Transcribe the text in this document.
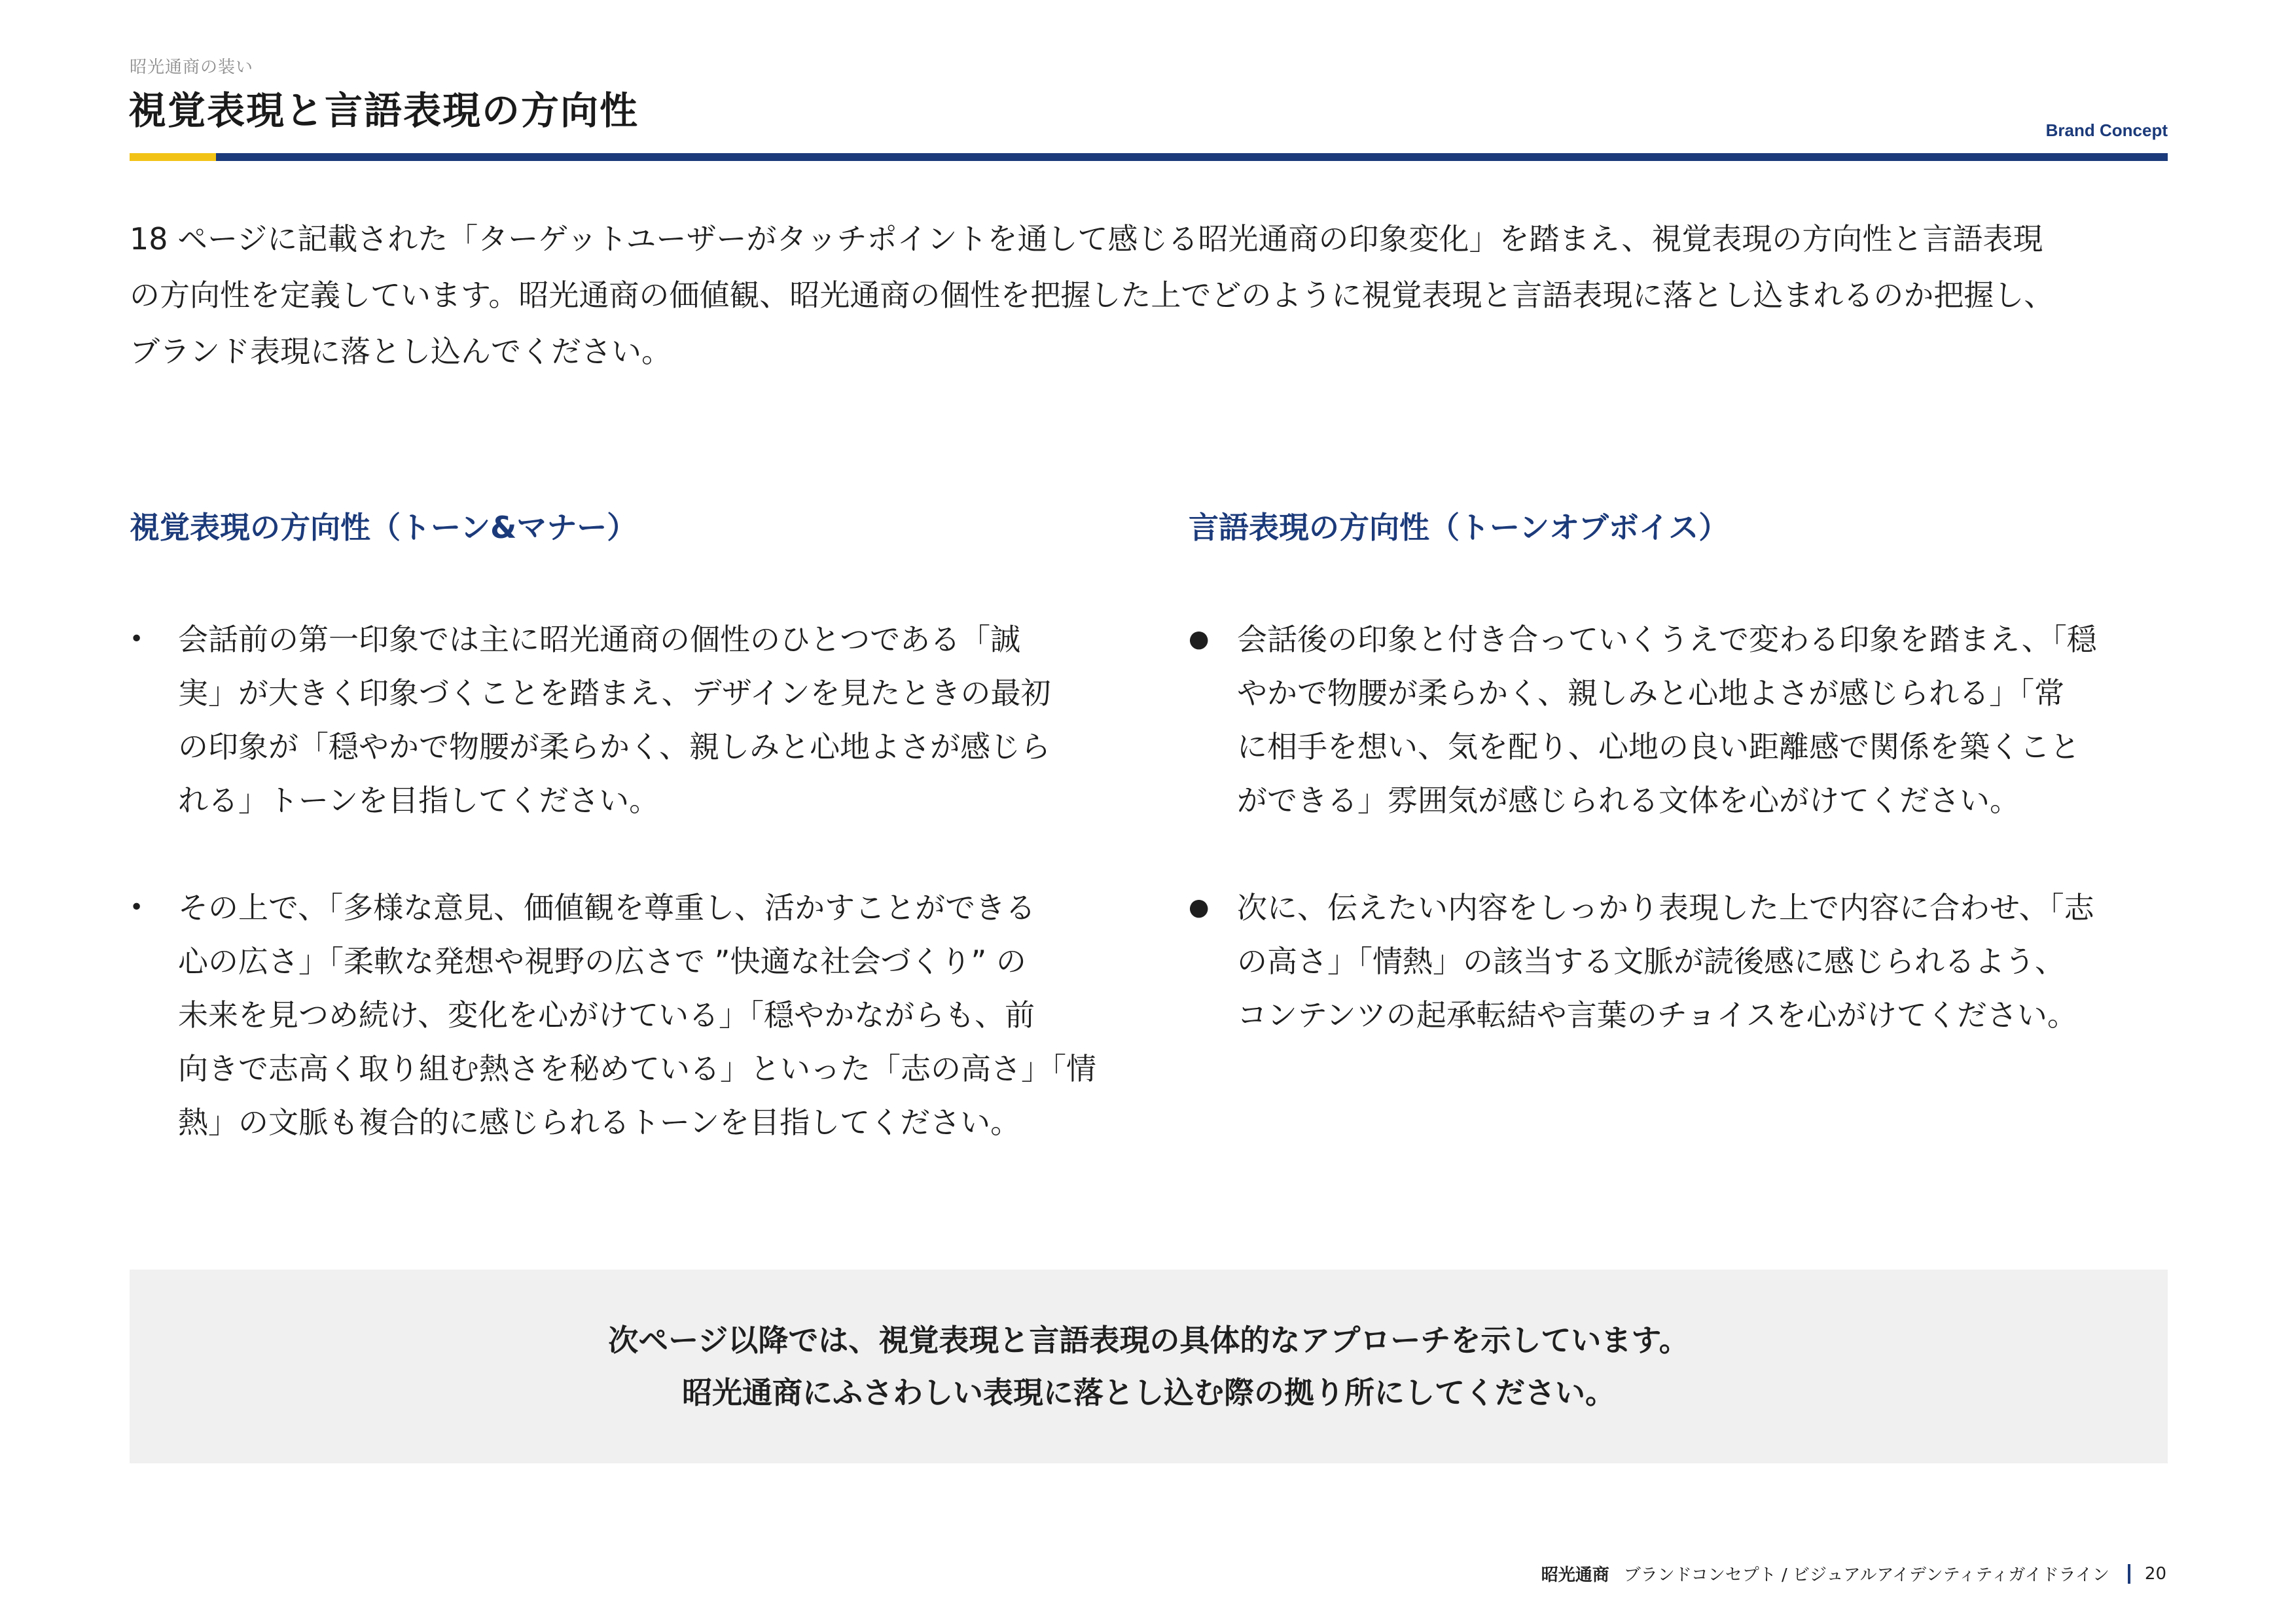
昭光通商の装い
視覚表現と言語表現の方向性	Brand Concept
18 ページに記載された「ターゲットユーザーがタッチポイントを通して感じる昭光通商の印象変化」を踏まえ、視覚表現の方向性と言語表現
の方向性を定義しています。昭光通商の価値観、昭光通商の個性を把握した上でどのように視覚表現と言語表現に落とし込まれるのか把握し、
ブランド表現に落とし込んでください。
視覚表現の方向性（トーン&マナー）
•	会話前の第一印象では主に昭光通商の個性のひとつである「誠
実」が大きく印象づくことを踏まえ、デザインを見たときの最初
の印象が「穏やかで物腰が柔らかく、親しみと心地よさが感じら
れる」トーンを目指してください。
•	その上で、「多様な意見、価値観を尊重し、活かすことができる
心の広さ」「柔軟な発想や視野の広さで ”快適な社会づくり” の
未来を見つめ続け、変化を心がけている」「穏やかながらも、前
向きで志高く取り組む熱さを秘めている」といった「志の高さ」「情
熱」の文脈も複合的に感じられるトーンを目指してください。
言語表現の方向性（トーンオブボイス）
● 会話後の印象と付き合っていくうえで変わる印象を踏まえ、「穏
やかで物腰が柔らかく、親しみと心地よさが感じられる」「常
に相手を想い、気を配り、心地の良い距離感で関係を築くこと
ができる」雰囲気が感じられる文体を心がけてください。
● 次に、伝えたい内容をしっかり表現した上で内容に合わせ、「志
の高さ」「情熱」の該当する文脈が読後感に感じられるよう、
コンテンツの起承転結や言葉のチョイスを心がけてください。
次ページ以降では、視覚表現と言語表現の具体的なアプローチを示しています。
昭光通商にふさわしい表現に落とし込む際の拠り所にしてください。
昭光通商 ブランドコンセプト / ビジュアルアイデンティティガイドライン 20
